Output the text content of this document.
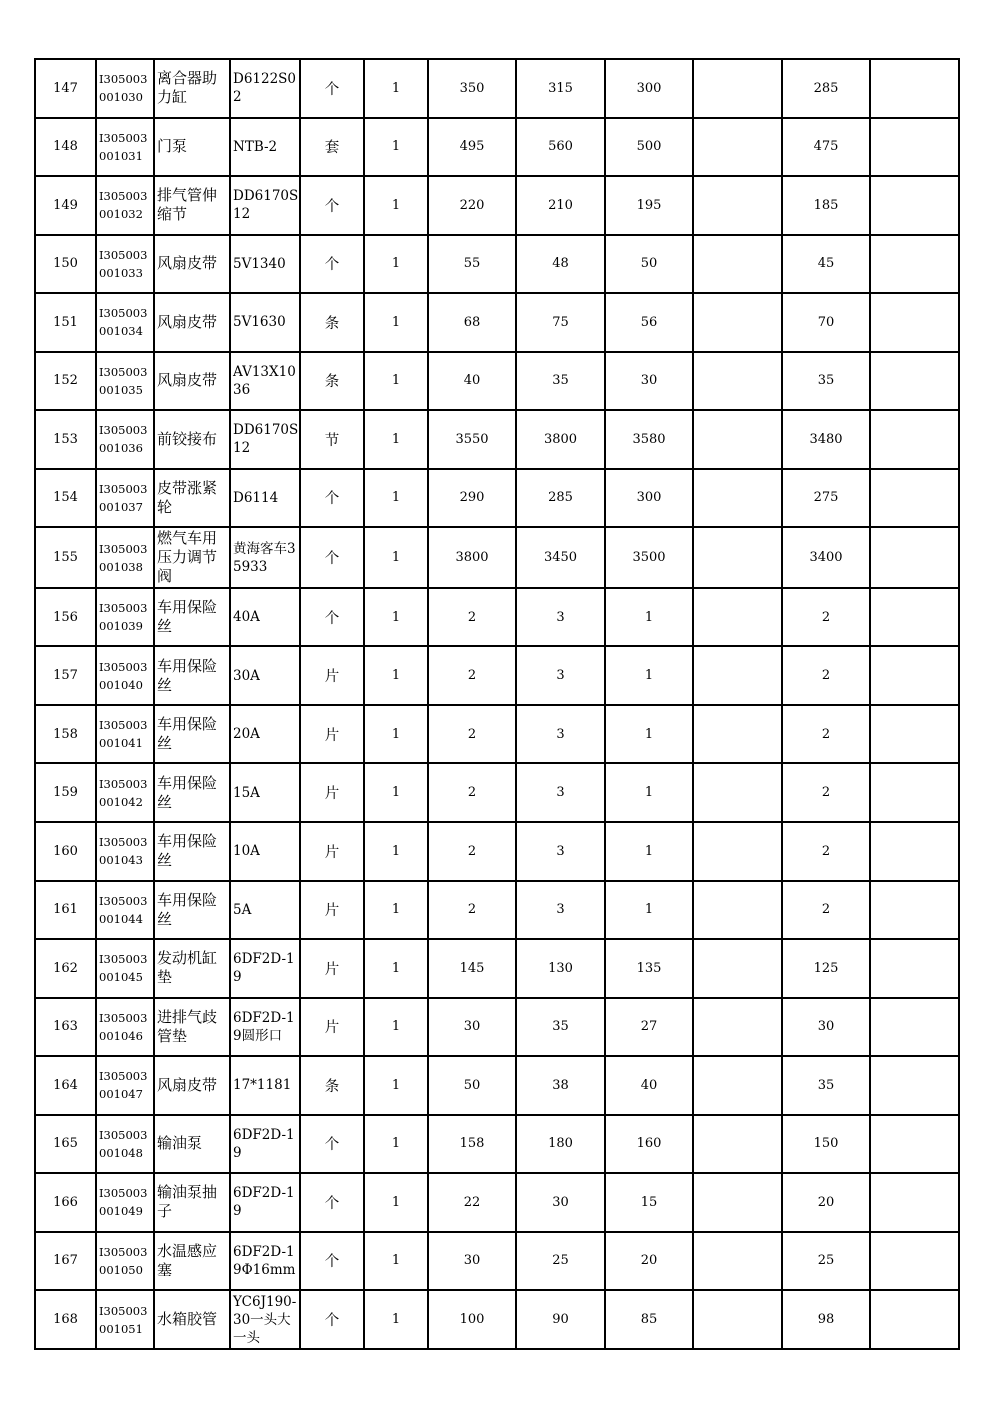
147	I305003001030	离合器助力缸	D6122S02	个	1	350	315	300		285	
148	I305003001031	门泵	NTB-2	套	1	495	560	500		475	
149	I305003001032	排气管伸缩节	DD6170S12	个	1	220	210	195		185	
150	I305003001033	风扇皮带	5V1340	个	1	55	48	50		45	
151	I305003001034	风扇皮带	5V1630	条	1	68	75	56		70	
152	I305003001035	风扇皮带	AV13X1036	条	1	40	35	30		35	
153	I305003001036	前铰接布	DD6170S12	节	1	3550	3800	3580		3480	
154	I305003001037	皮带涨紧轮	D6114	个	1	290	285	300		275	
155	I305003001038	燃气车用压力调节阀	黄海客车35933	个	1	3800	3450	3500		3400	
156	I305003001039	车用保险丝	40A	个	1	2	3	1		2	
157	I305003001040	车用保险丝	30A	片	1	2	3	1		2	
158	I305003001041	车用保险丝	20A	片	1	2	3	1		2	
159	I305003001042	车用保险丝	15A	片	1	2	3	1		2	
160	I305003001043	车用保险丝	10A	片	1	2	3	1		2	
161	I305003001044	车用保险丝	5A	片	1	2	3	1		2	
162	I305003001045	发动机缸垫	6DF2D-19	片	1	145	130	135		125	
163	I305003001046	进排气歧管垫	6DF2D-19圆形口	片	1	30	35	27		30	
164	I305003001047	风扇皮带	17*1181	条	1	50	38	40		35	
165	I305003001048	输油泵	6DF2D-19	个	1	158	180	160		150	
166	I305003001049	输油泵抽子	6DF2D-19	个	1	22	30	15		20	
167	I305003001050	水温感应塞	6DF2D-19Φ16mm	个	1	30	25	20		25	
168	I305003001051	水箱胶管	YC6J190-30一头大一头	个	1	100	90	85		98	
